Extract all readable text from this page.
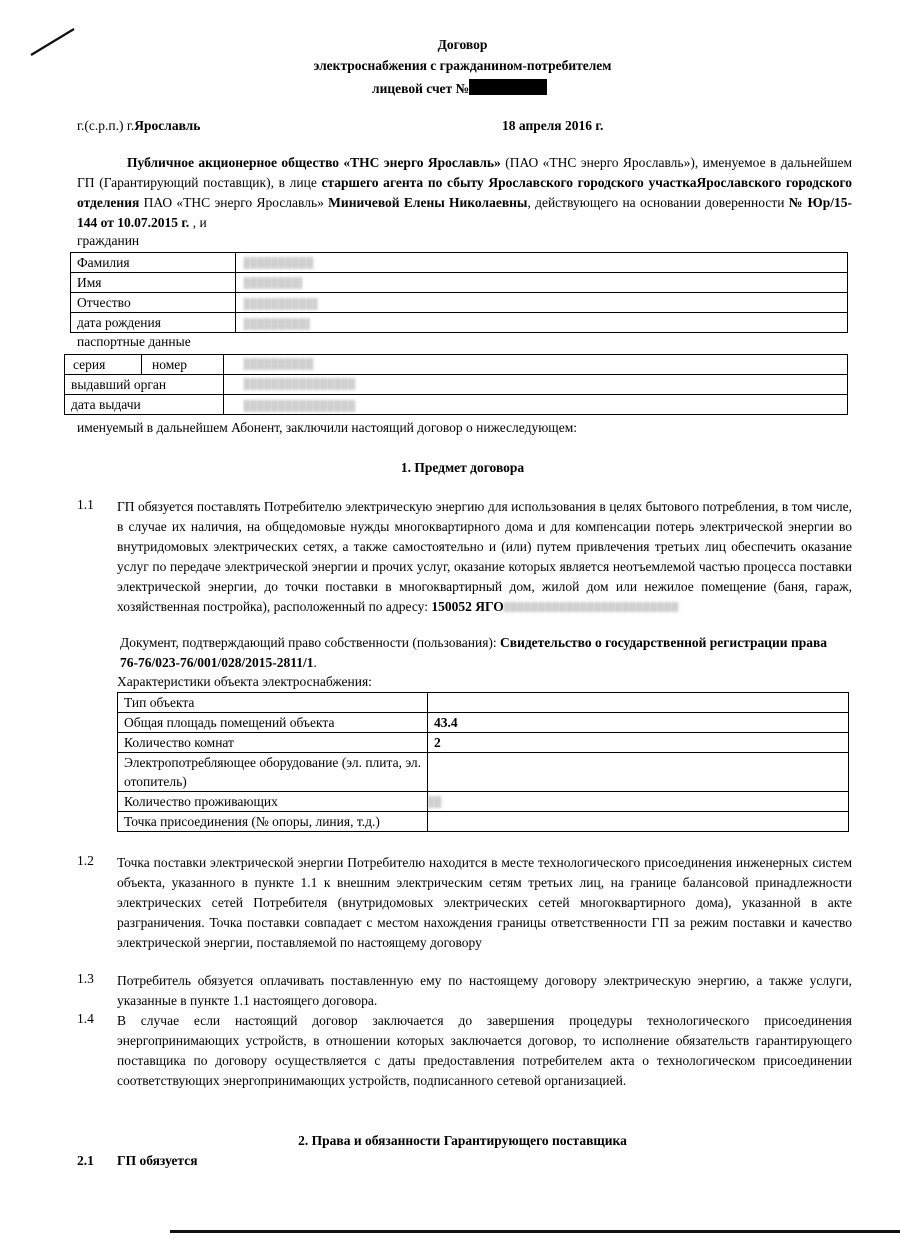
Договор
электроснабжения с гражданином-потребителем
лицевой счет №
г.(с.р.п.) г.Ярославль	18 апреля 2016 г.
Публичное акционерное общество «ТНС энерго Ярославль» (ПАО «ТНС энерго Ярославль»), именуемое в дальнейшем ГП (Гарантирующий поставщик), в лице старшего агента по сбыту Ярославского городского участкаЯрославского городского отделения ПАО «ТНС энерго Ярославль» Миничевой Елены Николаевны, действующего на основании доверенности № Юр/15-144 от 10.07.2015 г. , и
гражданин
Фамилия	
Имя	
Отчество	
дата рождения	
паспортные данные
серия номер	
выдавший орган	
дата выдачи	
именуемый в дальнейшем Абонент, заключили настоящий договор о нижеследующем:
1. Предмет договора
1.1 ГП обязуется поставлять Потребителю электрическую энергию для использования в целях бытового потребления, в том числе, в случае их наличия, на общедомовые нужды многоквартирного дома и для компенсации потерь электрической энергии во внутридомовых электрических сетях, а также самостоятельно и (или) путем привлечения третьих лиц обеспечить оказание услуг по передаче электрической энергии и прочих услуг, оказание которых является неотъемлемой частью процесса поставки электрической энергии, до точки поставки в многоквартирный дом, жилой дом или нежилое помещение (баня, гараж, хозяйственная постройка), расположенный по адресу: 150052 ЯГО
Документ, подтверждающий право собственности (пользования): Свидетельство о государственной регистрации права 76-76/023-76/001/028/2015-2811/1.
Характеристики объекта электроснабжения:
Тип объекта	
Общая площадь помещений объекта	43.4
Количество комнат	2
Электропотребляющее оборудование (эл. плита, эл. отопитель)	
Количество проживающих	
Точка присоединения (№ опоры, линия, т.д.)	
1.2 Точка поставки электрической энергии Потребителю находится в месте технологического присоединения инженерных систем объекта, указанного в пункте 1.1 к внешним электрическим сетям третьих лиц, на границе балансовой принадлежности электрических сетей Потребителя (внутридомовых электрических сетей многоквартирного дома), указанной в акте разграничения. Точка поставки совпадает с местом нахождения границы ответственности ГП за режим поставки и качество электрической энергии, поставляемой по настоящему договору
1.3 Потребитель обязуется оплачивать поставленную ему по настоящему договору электрическую энергию, а также услуги, указанные в пункте 1.1 настоящего договора.
1.4 В случае если настоящий договор заключается до завершения процедуры технологического присоединения энергопринимающих устройств, в отношении которых заключается договор, то исполнение обязательств гарантирующего поставщика по договору осуществляется с даты предоставления потребителем акта о технологическом присоединении соответствующих энергопринимающих устройств, подписанного сетевой организацией.
2. Права и обязанности Гарантирующего поставщика
2.1 ГП обязуется
